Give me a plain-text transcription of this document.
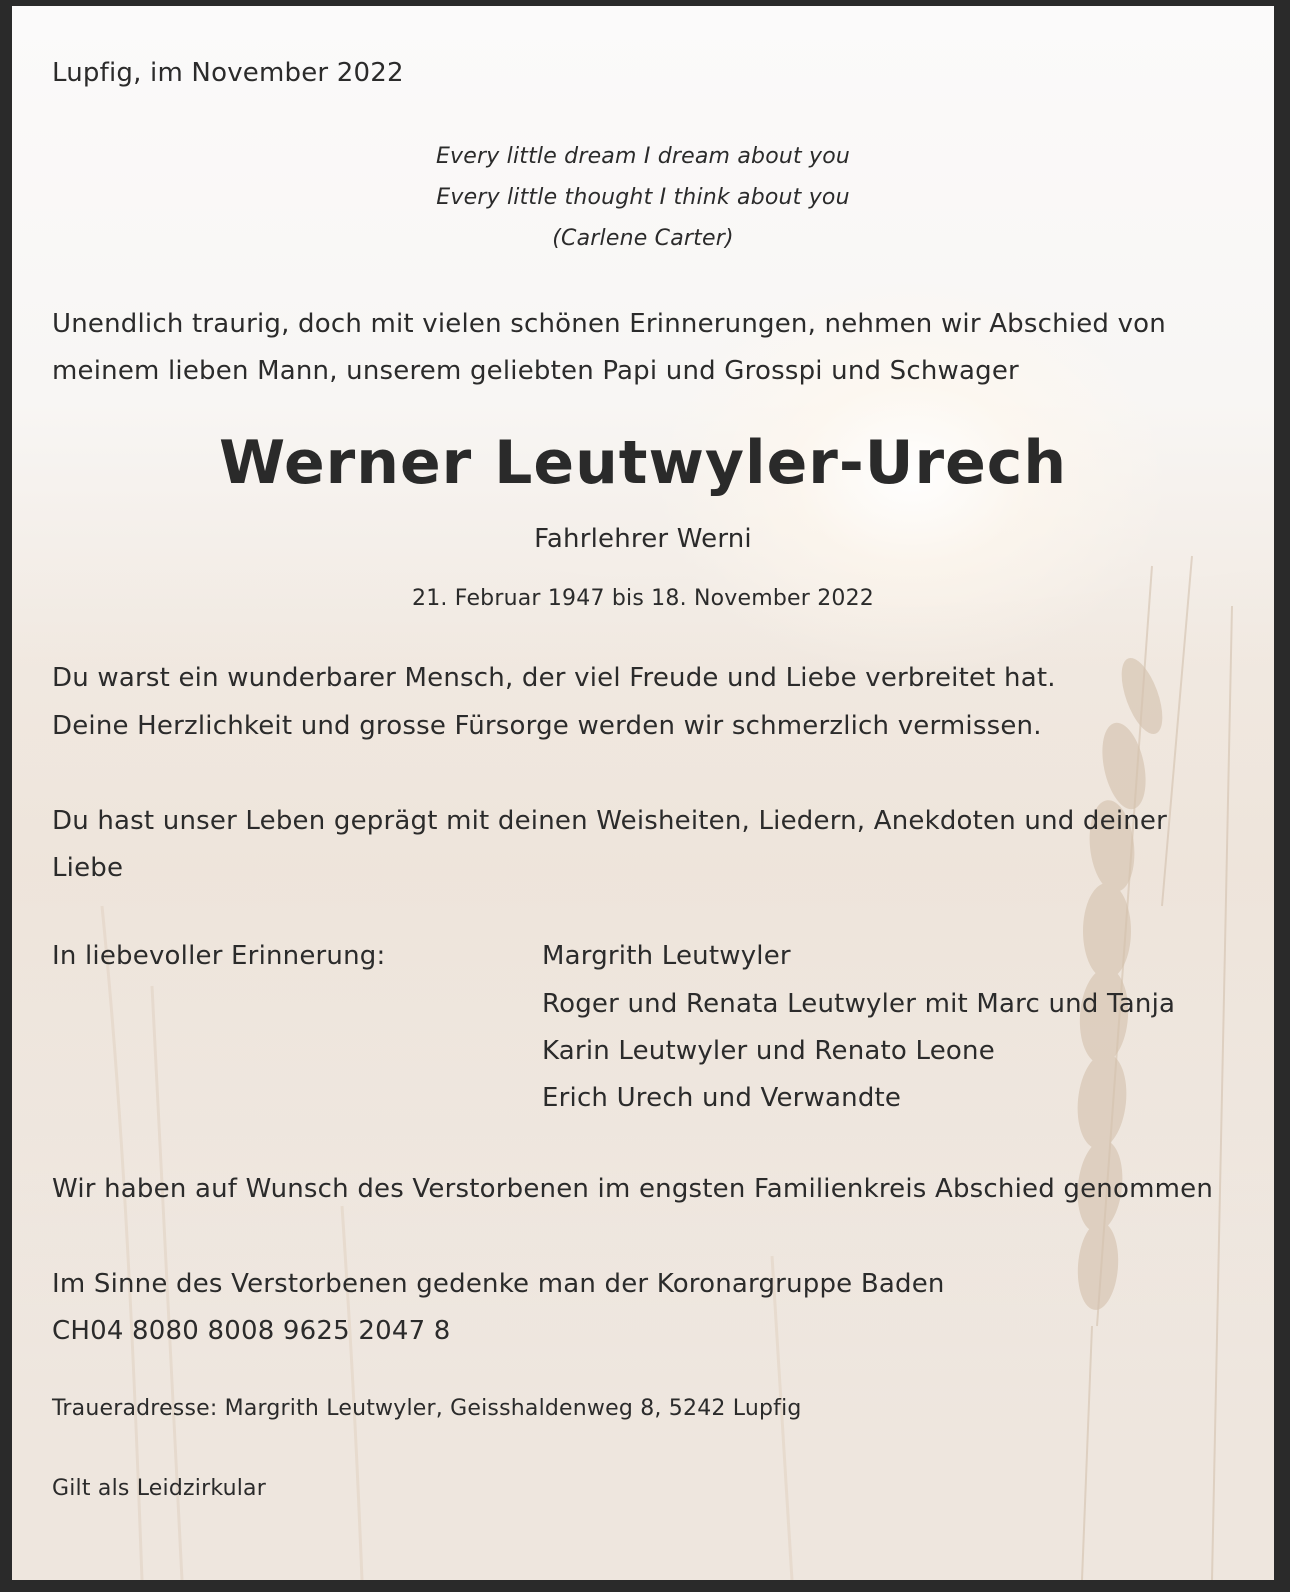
Lupfig, im November 2022
Every little dream I dream about you
Every little thought I think about you
(Carlene Carter)
Unendlich traurig, doch mit vielen schönen Erinnerungen, nehmen wir Abschied von
meinem lieben Mann, unserem geliebten Papi und Grosspi und Schwager
Werner Leutwyler-Urech
Fahrlehrer Werni
21. Februar 1947 bis 18. November 2022
Du warst ein wunderbarer Mensch, der viel Freude und Liebe verbreitet hat.
Deine Herzlichkeit und grosse Fürsorge werden wir schmerzlich vermissen.
Du hast unser Leben geprägt mit deinen Weisheiten, Liedern, Anekdoten und deiner
Liebe
In liebevoller Erinnerung:	Margrith Leutwyler
Roger und Renata Leutwyler mit Marc und Tanja
Karin Leutwyler und Renato Leone
Erich Urech und Verwandte
Wir haben auf Wunsch des Verstorbenen im engsten Familienkreis Abschied genommen
Im Sinne des Verstorbenen gedenke man der Koronargruppe Baden
CH04 8080 8008 9625 2047 8
Traueradresse: Margrith Leutwyler, Geisshaldenweg 8, 5242 Lupfig
Gilt als Leidzirkular
